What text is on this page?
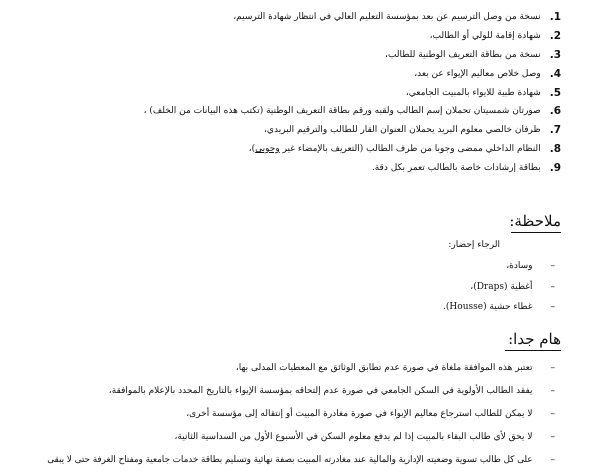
1.
نسخة من وصل الترسيم عن بعد بمؤسسة التعليم العالي في انتظار شهادة الترسيم،
2.
شهادة إقامة للولي أو الطالب،
3.
نسخة من بطاقة التعريف الوطنية للطالب،
4.
وصل خلاص معاليم الإيواء عن بعد،
5.
شهادة طبية للايواء بالمبيت الجامعي،
6.
صورتان شمسيتان تحملان إسم الطالب ولقبه ورقم بطاقة التعريف الوطنية (تكتب هذه البيانات من الخلف) ،
7.
ظرفان خالصي معلوم البريد يحملان العنوان القار للطالب والترقيم البريدي،
8.
النظام الداخلي ممضى وجوبا من طرف الطالب (التعريف بالإمضاء غير وجوبي)،
9.
بطاقة إرشادات خاصة بالطالب تعمر بكل دقة.
ملاحظة:
الرجاء إحضار:
–
وسادة،
–
أغطية (Draps)،
–
غطاء حشية (Housse).
هام جدا:
–
تعتبر هذه الموافقة ملغاة في صورة عدم تطابق الوثائق مع المعطيات المدلى بها،
–
يفقد الطالب الأولوية في السكن الجامعي في صورة عدم إلتحاقه بمؤسسة الإيواء بالتاريخ المحدد بالإعلام بالموافقة،
–
لا يمكن للطالب استرجاع معاليم الإيواء في صورة مغادرة المبيت أو إنتقاله إلى مؤسسة أخرى،
–
لا يحق لأي طالب البقاء بالمبيت إذا لم يدفع معلوم السكن في الأسبوع الأول من السداسية الثانية،
–
على كل طالب تسوية وضعيته الإدارية والمالية عند مغادرته المبيت بصفة نهائية وتسليم بطاقة خدمات جامعية ومفتاح الغرفة حتى لا يبقى
